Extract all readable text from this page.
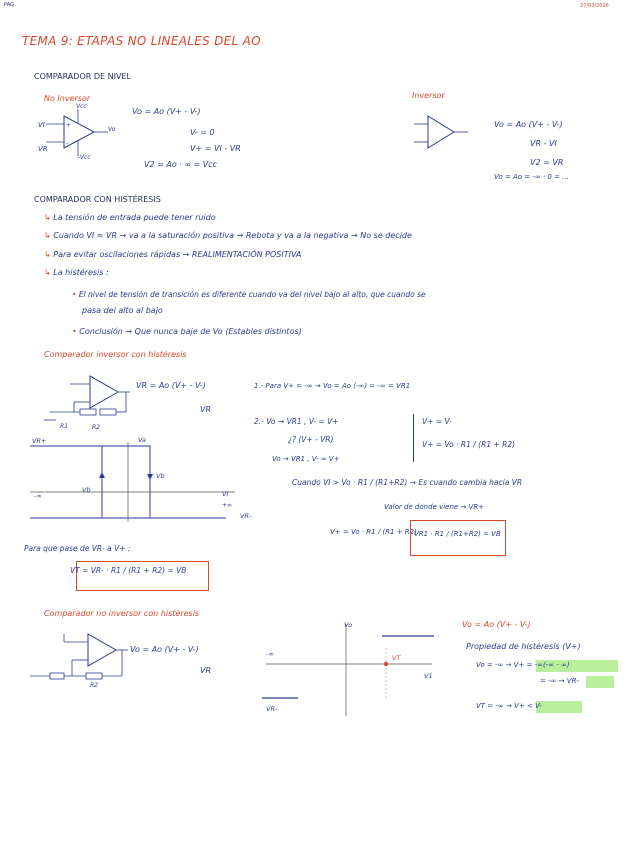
PAG	27/03/2016
TEMA 9: ETAPAS NO LINEALES DEL AO
COMPARADOR DE NIVEL
No Inversor
+
-
VI
VR
Vcc
-Vcc
Vo
Vo = Ao (V+ - V-)
V- = 0
V+ = VI - VR
V2 = Ao · ∞ = Vcc
Inversor
Vo = Ao (V+ - V-)
VR - VI
V2 = VR
Vo = Ao = -∞ · 0 = ...
COMPARADOR CON HISTÉRESIS
↳ La tensión de entrada puede tener ruido
↳ Cuando VI ≈ VR → va a la saturación positiva → Rebota y va a la negativa → No se decide
↳ Para evitar oscilaciones rápidas → REALIMENTACIÓN POSITIVA
↳ La histéresis :
• El nivel de tensión de transición es diferente cuando va del nivel bajo al alto, que cuando se
pasa del alto al bajo
• Conclusión → Que nunca baje de Vo (Estables distintos)
Comparador inversor con histéresis
R1	R2
VR = Ao (V+ - V-)
VR
1.- Para V+ = -∞ → Vo = Ao (-∞) = -∞ = VR1
2.- Vo → VR1 , V- = V+
¿? (V+ - VR)
Vo → VR1 , V- ≈ V+
V+ = V-
V+ = Vo · R1 / (R1 + R2)
Cuando VI > Vo · R1 / (R1+R2) → Es cuando cambia hacia VR
Valor de donde viene → VR+
V+ = Vo · R1 / (R1 + R2)
VR1 · R1 / (R1+R2) = VB
Para que pase de VR- a V+ :
VT = VR- · R1 / (R1 + R2) = VB
VR+
VR-
Va
Vb
Vb	VI
-∞
+∞
Comparador no inversor con histéresis
R2
Vo = Ao (V+ - V-)
VR
Vo
-∞
VR-
VT
V1
Vo = Ao (V+ - V-)
Propiedad de histéresis (V+)
Vo = -∞ → V+ = -∞(-∞ - ∞)
= -∞ → VR-
VT = -∞ → V+ < V-
